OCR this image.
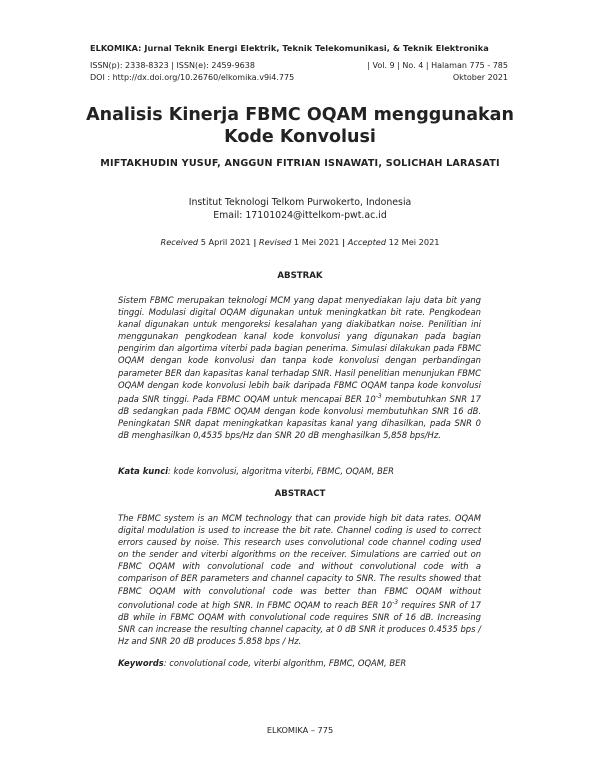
ELKOMIKA: Jurnal Teknik Energi Elektrik, Teknik Telekomunikasi, & Teknik Elektronika
ISSN(p): 2338-8323 | ISSN(e): 2459-9638
DOI : http://dx.doi.org/10.26760/elkomika.v9i4.775
| Vol. 9 | No. 4 | Halaman 775 - 785
Oktober 2021
Analisis Kinerja FBMC OQAM menggunakan Kode Konvolusi
MIFTAKHUDIN YUSUF, ANGGUN FITRIAN ISNAWATI, SOLICHAH LARASATI
Institut Teknologi Telkom Purwokerto, Indonesia
Email: 17101024@ittelkom-pwt.ac.id
Received 5 April 2021 | Revised 1 Mei 2021 | Accepted 12 Mei 2021
ABSTRAK
Sistem FBMC merupakan teknologi MCM yang dapat menyediakan laju data bit yang tinggi. Modulasi digital OQAM digunakan untuk meningkatkan bit rate. Pengkodean kanal digunakan untuk mengoreksi kesalahan yang diakibatkan noise. Penilitian ini menggunakan pengkodean kanal kode konvolusi yang digunakan pada bagian pengirim dan algortima viterbi pada bagian penerima. Simulasi dilakukan pada FBMC OQAM dengan kode konvolusi dan tanpa kode konvolusi dengan perbandingan parameter BER dan kapasitas kanal terhadap SNR. Hasil penelitian menunjukan FBMC OQAM dengan kode konvolusi lebih baik daripada FBMC OQAM tanpa kode konvolusi pada SNR tinggi. Pada FBMC OQAM untuk mencapai BER $10^{-3}$ membutuhkan SNR 17 dB sedangkan pada FBMC OQAM dengan kode konvolusi membutuhkan SNR 16 dB. Peningkatan SNR dapat meningkatkan kapasitas kanal yang dihasilkan, pada SNR 0 dB menghasilkan 0,4535 bps/Hz dan SNR 20 dB menghasilkan 5,858 bps/Hz.
Kata kunci: kode konvolusi, algoritma viterbi, FBMC, OQAM, BER
ABSTRACT
The FBMC system is an MCM technology that can provide high bit data rates. OQAM digital modulation is used to increase the bit rate. Channel coding is used to correct errors caused by noise. This research uses convolutional code channel coding used on the sender and viterbi algorithms on the receiver. Simulations are carried out on FBMC OQAM with convolutional code and without convolutional code with a comparison of BER parameters and channel capacity to SNR. The results showed that FBMC OQAM with convolutional code was better than FBMC OQAM without convolutional code at high SNR. In FBMC OQAM to reach BER $10^{-3}$ requires SNR of 17 dB while in FBMC OQAM with convolutional code requires SNR of 16 dB. Increasing SNR can increase the resulting channel capacity, at 0 dB SNR it produces 0.4535 bps / Hz and SNR 20 dB produces 5.858 bps / Hz.
Keywords: convolutional code, viterbi algorithm, FBMC, OQAM, BER
ELKOMIKA – 775
